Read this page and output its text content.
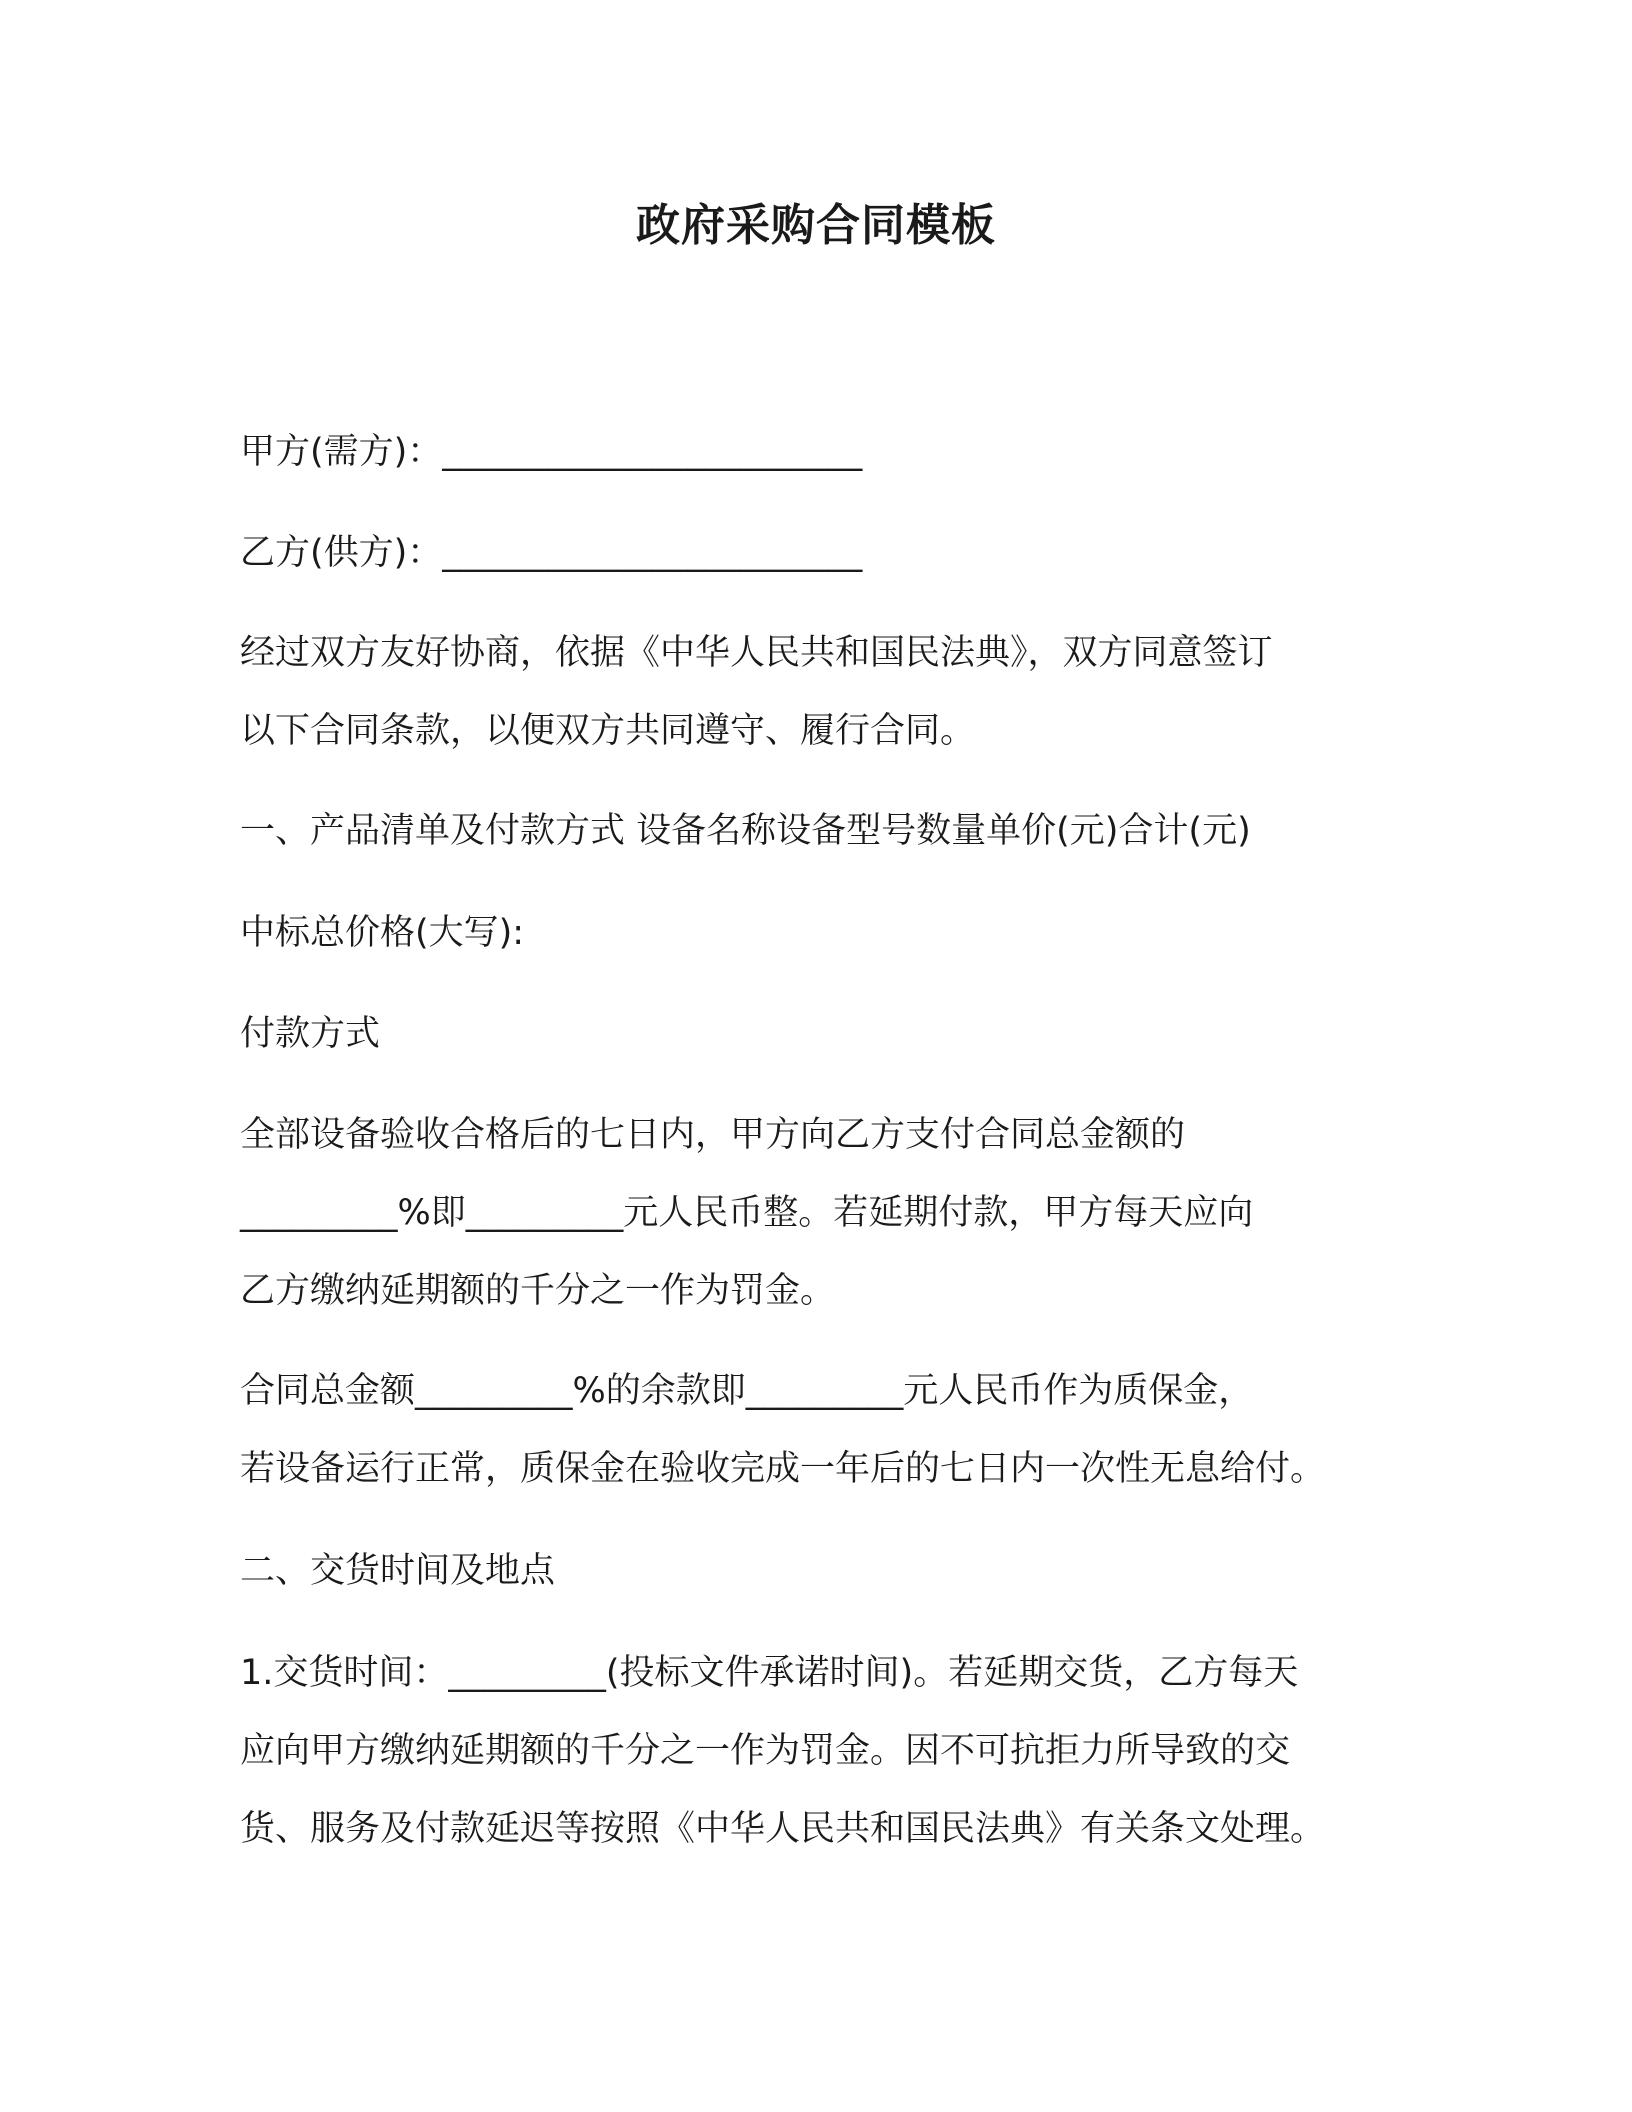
政府采购合同模板
甲方(需方)：________________________
乙方(供方)：________________________
经过双方友好协商，依据《中华人民共和国民法典》，双方同意签订
以下合同条款，以便双方共同遵守、履行合同。
一、产品清单及付款方式 设备名称设备型号数量单价(元)合计(元)
中标总价格(大写):
付款方式
全部设备验收合格后的七日内，甲方向乙方支付合同总金额的
_________%即_________元人民币整。若延期付款，甲方每天应向
乙方缴纳延期额的千分之一作为罚金。
合同总金额_________%的余款即_________元人民币作为质保金，
若设备运行正常，质保金在验收完成一年后的七日内一次性无息给付。
二、交货时间及地点
1.交货时间：_________(投标文件承诺时间)。若延期交货，乙方每天
应向甲方缴纳延期额的千分之一作为罚金。因不可抗拒力所导致的交
货、服务及付款延迟等按照《中华人民共和国民法典》有关条文处理。
